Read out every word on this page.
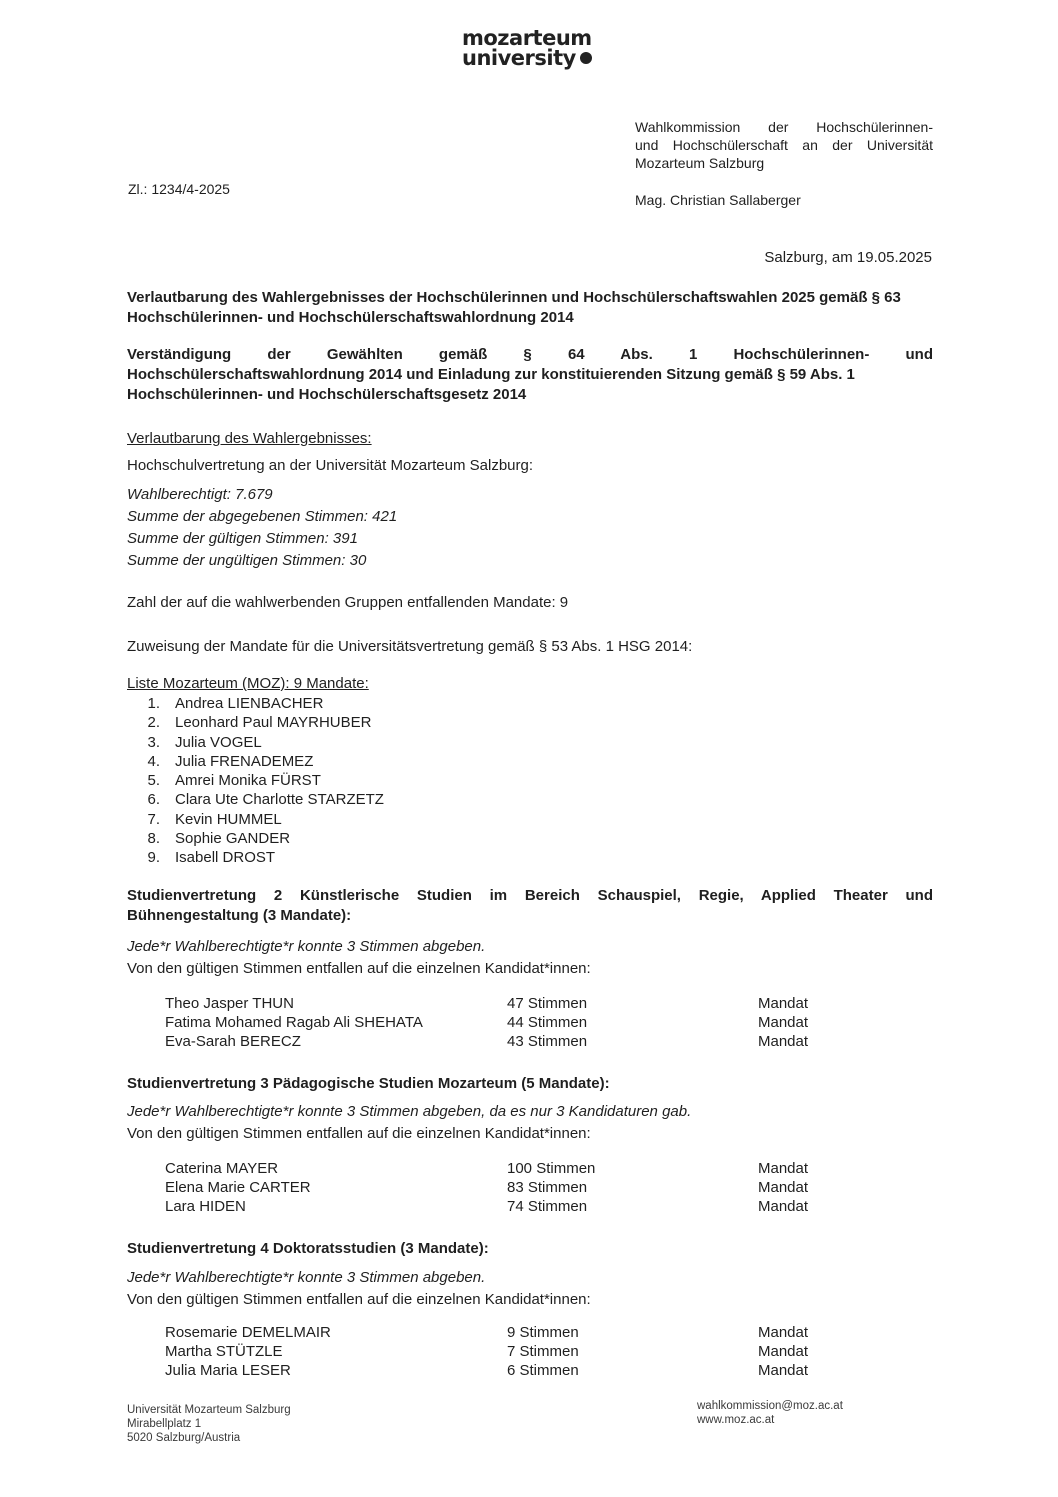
mozarteum
university
Wahlkommission der Hochschülerinnen-
und Hochschülerschaft an der Universität
Mozarteum Salzburg
Mag. Christian Sallaberger
Zl.: 1234/4-2025
Salzburg, am 19.05.2025
Verlautbarung des Wahlergebnisses der Hochschülerinnen und Hochschülerschaftswahlen 2025 gemäß § 63 Hochschülerinnen- und Hochschülerschaftswahlordnung 2014
Verständigung der Gewählten gemäß § 64 Abs. 1 Hochschülerinnen- und
Hochschülerschaftswahlordnung 2014 und Einladung zur konstituierenden Sitzung gemäß § 59 Abs. 1
Hochschülerinnen- und Hochschülerschaftsgesetz 2014
Verlautbarung des Wahlergebnisses:
Hochschulvertretung an der Universität Mozarteum Salzburg:
Wahlberechtigt: 7.679
Summe der abgegebenen Stimmen: 421
Summe der gültigen Stimmen: 391
Summe der ungültigen Stimmen: 30
Zahl der auf die wahlwerbenden Gruppen entfallenden Mandate: 9
Zuweisung der Mandate für die Universitätsvertretung gemäß § 53 Abs. 1 HSG 2014:
Liste Mozarteum (MOZ): 9 Mandate:
1.	Andrea LIENBACHER
2.	Leonhard Paul MAYRHUBER
3.	Julia VOGEL
4.	Julia FRENADEMEZ
5.	Amrei Monika FÜRST
6.	Clara Ute Charlotte STARZETZ
7.	Kevin HUMMEL
8.	Sophie GANDER
9.	Isabell DROST
Studienvertretung 2 Künstlerische Studien im Bereich Schauspiel, Regie, Applied Theater und
Bühnengestaltung (3 Mandate):
Jede*r Wahlberechtigte*r konnte 3 Stimmen abgeben.
Von den gültigen Stimmen entfallen auf die einzelnen Kandidat*innen:
Theo Jasper THUN	47 Stimmen	Mandat
Fatima Mohamed Ragab Ali SHEHATA	44 Stimmen	Mandat
Eva-Sarah BERECZ	43 Stimmen	Mandat
Studienvertretung 3 Pädagogische Studien Mozarteum (5 Mandate):
Jede*r Wahlberechtigte*r konnte 3 Stimmen abgeben, da es nur 3 Kandidaturen gab.
Von den gültigen Stimmen entfallen auf die einzelnen Kandidat*innen:
Caterina MAYER	100 Stimmen	Mandat
Elena Marie CARTER	83 Stimmen	Mandat
Lara HIDEN	74 Stimmen	Mandat
Studienvertretung 4 Doktoratsstudien (3 Mandate):
Jede*r Wahlberechtigte*r konnte 3 Stimmen abgeben.
Von den gültigen Stimmen entfallen auf die einzelnen Kandidat*innen:
Rosemarie DEMELMAIR	9 Stimmen	Mandat
Martha STÜTZLE	7 Stimmen	Mandat
Julia Maria LESER	6 Stimmen	Mandat
Universität Mozarteum Salzburg
Mirabellplatz 1
5020 Salzburg/Austria
wahlkommission@moz.ac.at
www.moz.ac.at
